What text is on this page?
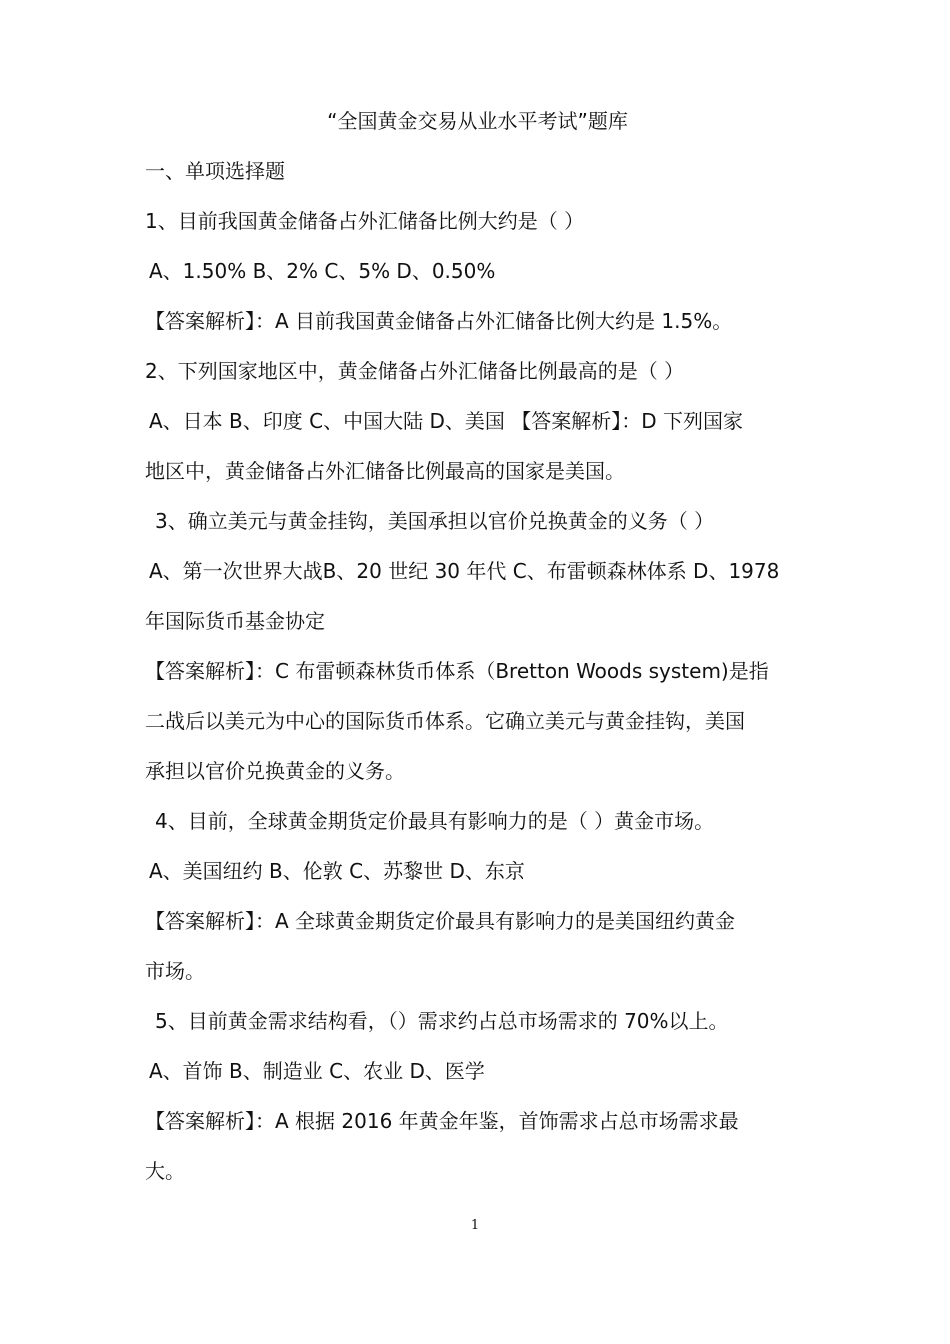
“全国黄金交易从业水平考试”题库
一、单项选择题
1、目前我国黄金储备占外汇储备比例大约是（ ）
A、1.50% B、2% C、5% D、0.50%
【答案解析】：A 目前我国黄金储备占外汇储备比例大约是 1.5%。
2、下列国家地区中，黄金储备占外汇储备比例最高的是（ ）
A、日本 B、印度 C、中国大陆 D、美国 【答案解析】：D 下列国家
地区中，黄金储备占外汇储备比例最高的国家是美国。
3、确立美元与黄金挂钩，美国承担以官价兑换黄金的义务（ ）
A、第一次世界大战B、20 世纪 30 年代 C、布雷顿森林体系 D、1978
年国际货币基金协定
【答案解析】：C 布雷顿森林货币体系（Bretton Woods system)是指
二战后以美元为中心的国际货币体系。它确立美元与黄金挂钩，美国
承担以官价兑换黄金的义务。
4、目前，全球黄金期货定价最具有影响力的是（ ）黄金市场。
A、美国纽约 B、伦敦 C、苏黎世 D、东京
【答案解析】：A 全球黄金期货定价最具有影响力的是美国纽约黄金
市场。
5、目前黄金需求结构看，（）需求约占总市场需求的 70%以上。
A、首饰 B、制造业 C、农业 D、医学
【答案解析】：A 根据 2016 年黄金年鉴，首饰需求占总市场需求最
大。
1
